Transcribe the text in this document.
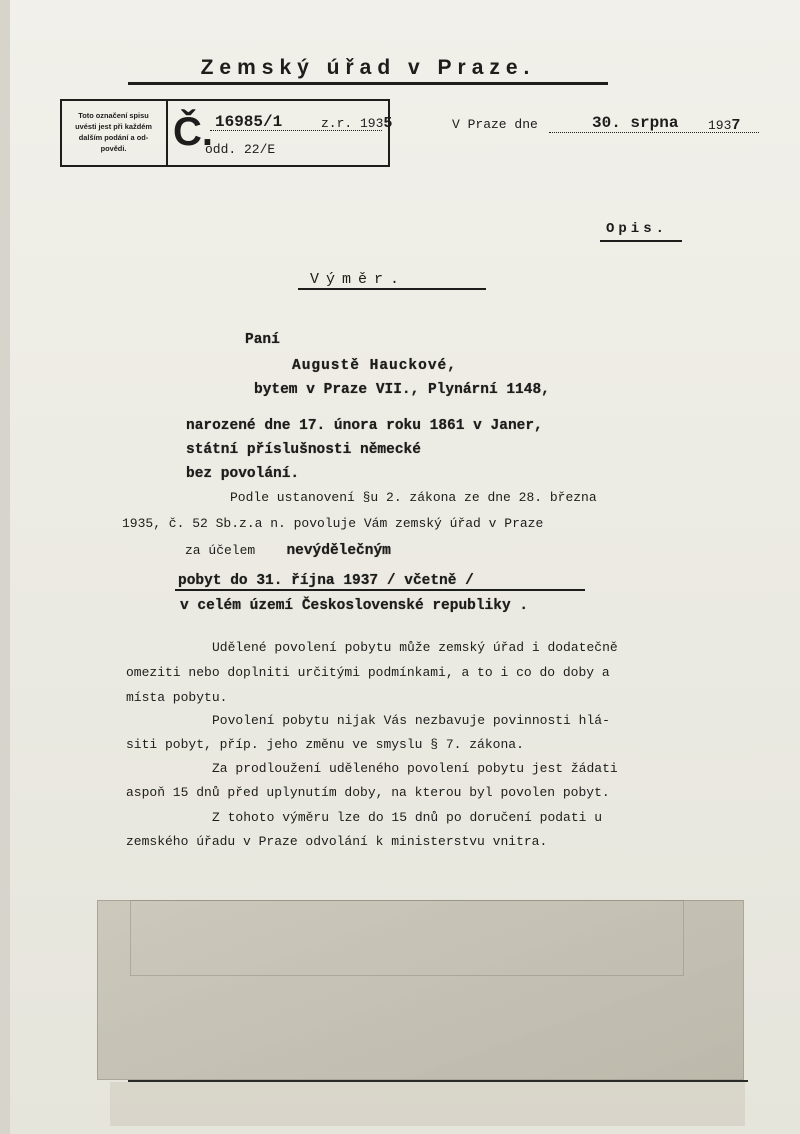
Zemský úřad v Praze.
Toto označení spisu
uvésti jest při každém
dalším podání a od-
povědi.	Č. 16985/1	z.r. 1935
odd. 22/E
V Praze dne	30. srpna 1937
Opis.
Výměr.
Paní
Augustě Hauckové,
bytem v Praze VII., Plynární 1148,
narozené dne 17. února roku 1861 v Janer,
státní příslušnosti německé
bez povolání.
Podle ustanovení §u 2. zákona ze dne 28. března
1935, č. 52 Sb.z.a n. povoluje Vám zemský úřad v Praze
za účelem nevýdělečným
pobyt do 31. října 1937 / včetně /
v celém území Československé republiky .
Udělené povolení pobytu může zemský úřad i dodatečně
omeziti nebo doplniti určitými podmínkami, a to i co do doby a
místa pobytu.
Povolení pobytu nijak Vás nezbavuje povinnosti hlá-
siti pobyt, příp. jeho změnu ve smyslu § 7. zákona.
Za prodloužení uděleného povolení pobytu jest žádati
aspoň 15 dnů před uplynutím doby, na kterou byl povolen pobyt.
Z tohoto výměru lze do 15 dnů po doručení podati u
zemského úřadu v Praze odvolání k ministerstvu vnitra.
